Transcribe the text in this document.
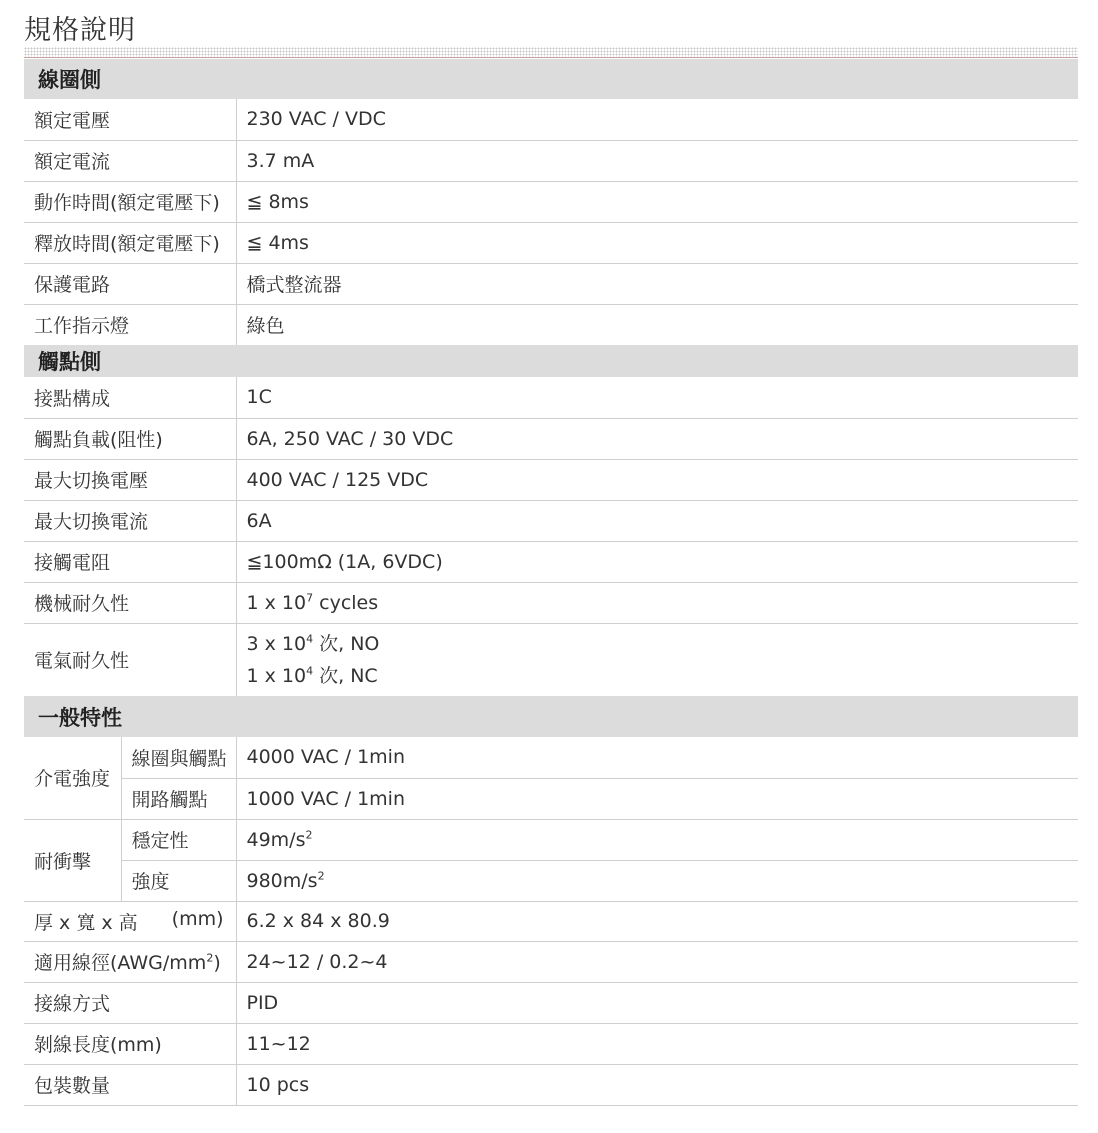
規格說明
線圈側		
額定電壓		230 VAC / VDC
額定電流		3.7 mA
動作時間(額定電壓下)		≦ 8ms
釋放時間(額定電壓下)		≦ 4ms
保護電路		橋式整流器
工作指示燈		綠色
觸點側		
接點構成		1C
觸點負載(阻性)		6A, 250 VAC / 30 VDC
最大切換電壓		400 VAC / 125 VDC
最大切換電流		6A
接觸電阻		≦100mΩ (1A, 6VDC)
機械耐久性		1 x $10^7$ cycles
電氣耐久性		3 x $10^4$ 次, NO
1 x $10^4$ 次, NC

一般特性		
介電強度	線圈與觸點	4000 VAC / 1min
	開路觸點	1000 VAC / 1min
耐衝擊	穩定性	$49m/s^2$
	強度	$980m/s^2$
厚 x 寬 x 高 (mm)		6.2 x 84 x 80.9
適用線徑$(AWG/mm^2)$		24~12 / 0.2~4
接線方式		PID
剝線長度(mm)		11~12
包裝數量		10 pcs
